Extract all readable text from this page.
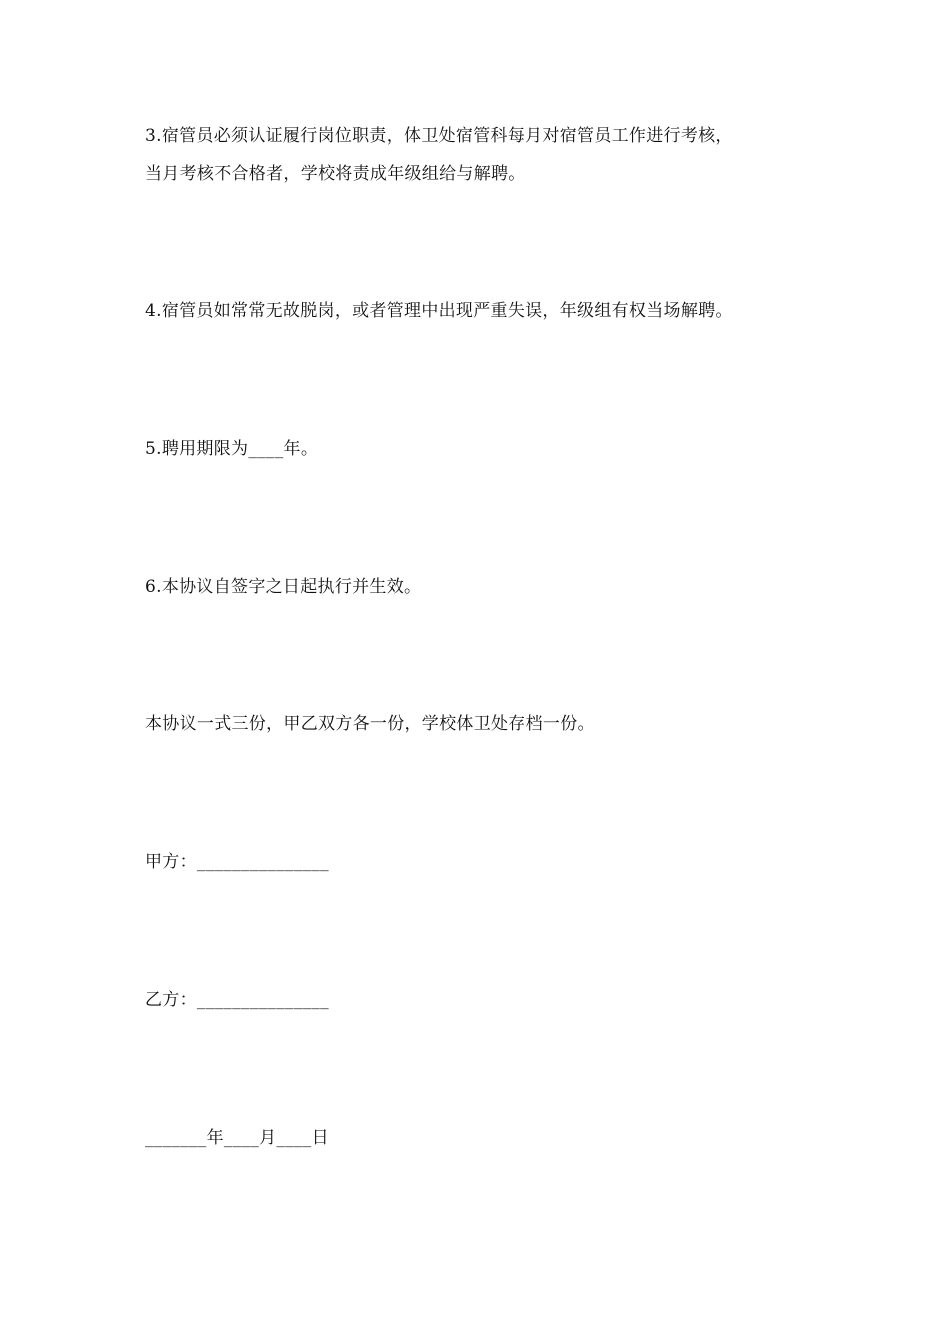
3.宿管员必须认证履行岗位职责，体卫处宿管科每月对宿管员工作进行考核，
当月考核不合格者，学校将责成年级组给与解聘。
4.宿管员如常常无故脱岗，或者管理中出现严重失误，年级组有权当场解聘。
5.聘用期限为____年。
6.本协议自签字之日起执行并生效。
本协议一式三份，甲乙双方各一份，学校体卫处存档一份。
甲方：_______________
乙方：_______________
_______年____月____日
